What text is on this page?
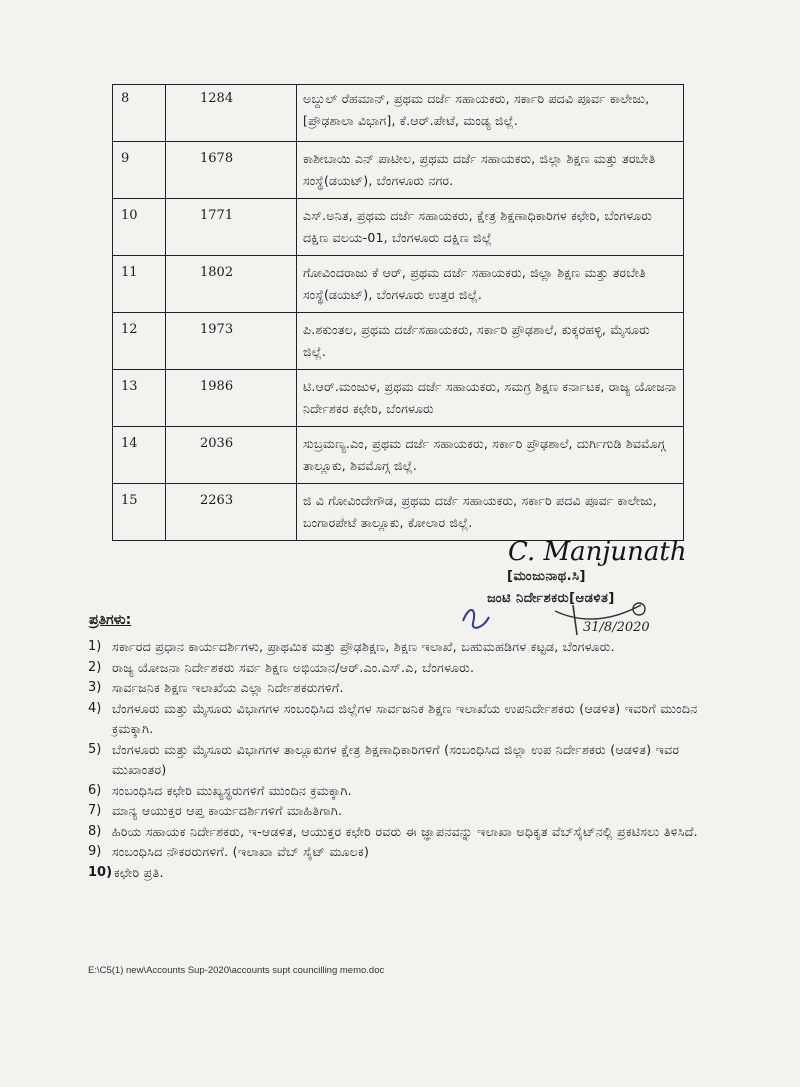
8	1284	ಅಬ್ದುಲ್ ರೆಹಮಾನ್, ಪ್ರಥಮ ದರ್ಜೆ ಸಹಾಯಕರು, ಸರ್ಕಾರಿ ಪದವಿ ಪೂರ್ವ ಕಾಲೇಜು,[ಪ್ರೌಢಶಾಲಾ ವಿಭಾಗ], ಕೆ.ಆರ್.ಪೇಟೆ, ಮಂಡ್ಯ ಜಿಲ್ಲೆ.
9	1678	ಕಾಶೀಬಾಯಿ ಎನ್ ಪಾಟೀಲ, ಪ್ರಥಮ ದರ್ಜೆ ಸಹಾಯಕರು, ಜಿಲ್ಲಾ ಶಿಕ್ಷಣ ಮತ್ತು ತರಬೇತಿ ಸಂಸ್ಥೆ(ಡಯಟ್), ಬೆಂಗಳೂರು ನಗರ.
10	1771	ಎಸ್.ಅನಿತ, ಪ್ರಥಮ ದರ್ಜೆ ಸಹಾಯಕರು, ಕ್ಷೇತ್ರ ಶಿಕ್ಷಣಾಧಿಕಾರಿಗಳ ಕಛೇರಿ, ಬೆಂಗಳೂರು ದಕ್ಷಿಣ ವಲಯ-01, ಬೆಂಗಳೂರು ದಕ್ಷಿಣ ಜಿಲ್ಲೆ
11	1802	ಗೋವಿಂದರಾಜು ಕೆ ಆರ್, ಪ್ರಥಮ ದರ್ಜೆ ಸಹಾಯಕರು, ಜಿಲ್ಲಾ ಶಿಕ್ಷಣ ಮತ್ತು ತರಬೇತಿ ಸಂಸ್ಥೆ(ಡಯಟ್), ಬೆಂಗಳೂರು ಉತ್ತರ ಜಿಲ್ಲೆ.
12	1973	ಪಿ.ಶಕುಂತಲ, ಪ್ರಥಮ ದರ್ಜೆಸಹಾಯಕರು, ಸರ್ಕಾರಿ ಪ್ರೌಢಶಾಲೆ, ಕುಕ್ಕರಹಳ್ಳಿ, ಮೈಸೂರು ಜಿಲ್ಲೆ.
13	1986	ಟಿ.ಆರ್.ಮಂಜುಳ, ಪ್ರಥಮ ದರ್ಜೆ ಸಹಾಯಕರು, ಸಮಗ್ರ ಶಿಕ್ಷಣ ಕರ್ನಾಟಕ, ರಾಜ್ಯ ಯೋಜನಾ ನಿರ್ದೇಶಕರ ಕಛೇರಿ, ಬೆಂಗಳೂರು
14	2036	ಸುಬ್ರಮಣ್ಯ.ಎಂ, ಪ್ರಥಮ ದರ್ಜೆ ಸಹಾಯಕರು, ಸರ್ಕಾರಿ ಪ್ರೌಢಶಾಲೆ, ದುರ್ಗಿಗುಡಿ ಶಿವಮೊಗ್ಗ ತಾಲ್ಲೂಕು, ಶಿವಮೊಗ್ಗ ಜಿಲ್ಲೆ.
15	2263	ಜಿ ವಿ ಗೋವಿಂದೇಗೌಡ, ಪ್ರಥಮ ದರ್ಜೆ ಸಹಾಯಕರು, ಸರ್ಕಾರಿ ಪದವಿ ಪೂರ್ವ ಕಾಲೇಜು, ಬಂಗಾರಪೇಟೆ ತಾಲ್ಲೂಕು, ಕೋಲಾರ ಜಿಲ್ಲೆ.
C. Manjunath
[ಮಂಜುನಾಥ.ಸಿ]
ಜಂಟಿ ನಿರ್ದೇಶಕರು[ಆಡಳಿತ]
31/8/2020
ಪ್ರತಿಗಳು:
1) ಸರ್ಕಾರದ ಪ್ರಧಾನ ಕಾರ್ಯದರ್ಶಿಗಳು, ಪ್ರಾಥಮಿಕ ಮತ್ತು ಪ್ರೌಢಶಿಕ್ಷಣ, ಶಿಕ್ಷಣ ಇಲಾಖೆ, ಬಹುಮಹಡಿಗಳ ಕಟ್ಟಡ, ಬೆಂಗಳೂರು.
2) ರಾಜ್ಯ ಯೋಜನಾ ನಿರ್ದೇಶಕರು ಸರ್ವ ಶಿಕ್ಷಣ ಅಭಿಯಾನ/ಆರ್.ಎಂ.ಎಸ್.ಎ, ಬೆಂಗಳೂರು.
3) ಸಾರ್ವಜನಿಕ ಶಿಕ್ಷಣ ಇಲಾಖೆಯ ಎಲ್ಲಾ ನಿರ್ದೇಶಕರುಗಳಿಗೆ.
4) ಬೆಂಗಳೂರು ಮತ್ತು ಮೈಸೂರು ವಿಭಾಗಗಳ ಸಂಬಂಧಿಸಿದ ಜಿಲ್ಲೆಗಳ ಸಾರ್ವಜನಿಕ ಶಿಕ್ಷಣ ಇಲಾಖೆಯ ಉಪನಿರ್ದೇಶಕರು (ಆಡಳಿತ) ಇವರಿಗೆ ಮುಂದಿನ ಕ್ರಮಕ್ಕಾಗಿ.
5) ಬೆಂಗಳೂರು ಮತ್ತು ಮೈಸೂರು ವಿಭಾಗಗಳ ತಾಲ್ಲೂಕುಗಳ ಕ್ಷೇತ್ರ ಶಿಕ್ಷಣಾಧಿಕಾರಿಗಳಿಗೆ (ಸಂಬಂಧಿಸಿದ ಜಿಲ್ಲಾ ಉಪ ನಿರ್ದೇಶಕರು (ಆಡಳಿತ) ಇವರ ಮುಖಾಂತರ)
6) ಸಂಬಂಧಿಸಿದ ಕಛೇರಿ ಮುಖ್ಯಸ್ಥರುಗಳಿಗೆ ಮುಂದಿನ ಕ್ರಮಕ್ಕಾಗಿ.
7) ಮಾನ್ಯ ಆಯುಕ್ತರ ಆಪ್ತ ಕಾರ್ಯದರ್ಶಿಗಳಿಗೆ ಮಾಹಿತಿಗಾಗಿ.
8) ಹಿರಿಯ ಸಹಾಯಕ ನಿರ್ದೇಶಕರು, ಇ-ಆಡಳಿತ, ಆಯುಕ್ತರ ಕಛೇರಿ ರವರು ಈ ಜ್ಞಾಪನವನ್ನು ಇಲಾಖಾ ಅಧಿಕೃತ ವೆಬ್‌ಸೈಟ್‌ನಲ್ಲಿ ಪ್ರಕಟಿಸಲು ತಿಳಿಸಿದೆ.
9) ಸಂಬಂಧಿಸಿದ ನೌಕರರುಗಳಿಗೆ. (ಇಲಾಖಾ ವೆಬ್ ಸೈಟ್ ಮೂಲಕ)
10) ಕಛೇರಿ ಪ್ರತಿ.
E:\C5(1) new\Accounts Sup-2020\accounts supt councilling memo.doc
